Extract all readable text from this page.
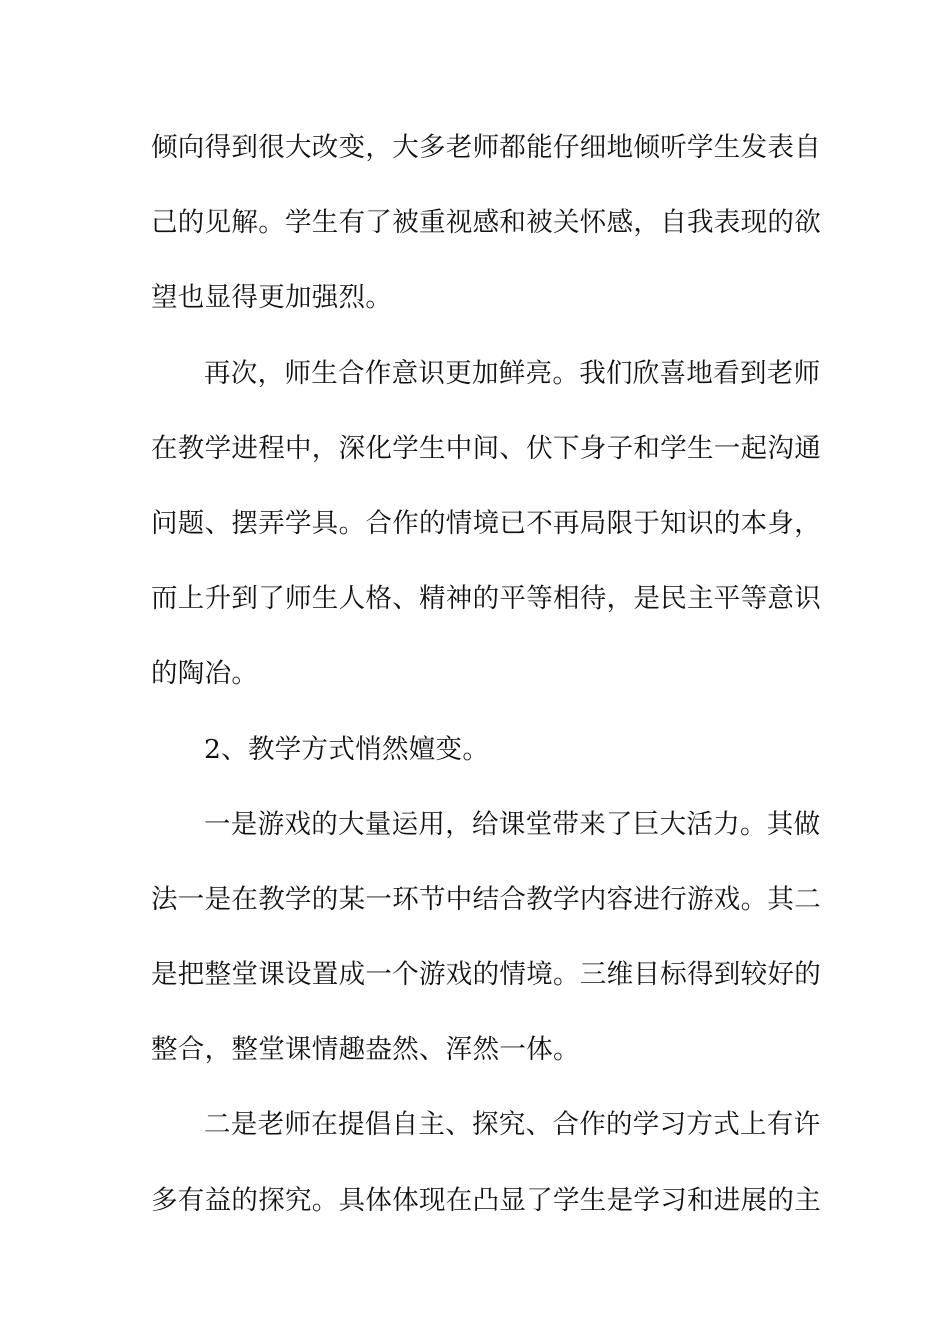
倾向得到很大改变，大多老师都能仔细地倾听学生发表自
己的见解。学生有了被重视感和被关怀感，自我表现的欲
望也显得更加强烈。
再次，师生合作意识更加鲜亮。我们欣喜地看到老师
在教学进程中，深化学生中间、伏下身子和学生一起沟通
问题、摆弄学具。合作的情境已不再局限于知识的本身，
而上升到了师生人格、精神的平等相待，是民主平等意识
的陶冶。
2、教学方式悄然嬗变。
一是游戏的大量运用，给课堂带来了巨大活力。其做
法一是在教学的某一环节中结合教学内容进行游戏。其二
是把整堂课设置成一个游戏的情境。三维目标得到较好的
整合，整堂课情趣盎然、浑然一体。
二是老师在提倡自主、探究、合作的学习方式上有许
多有益的探究。具体体现在凸显了学生是学习和进展的主
